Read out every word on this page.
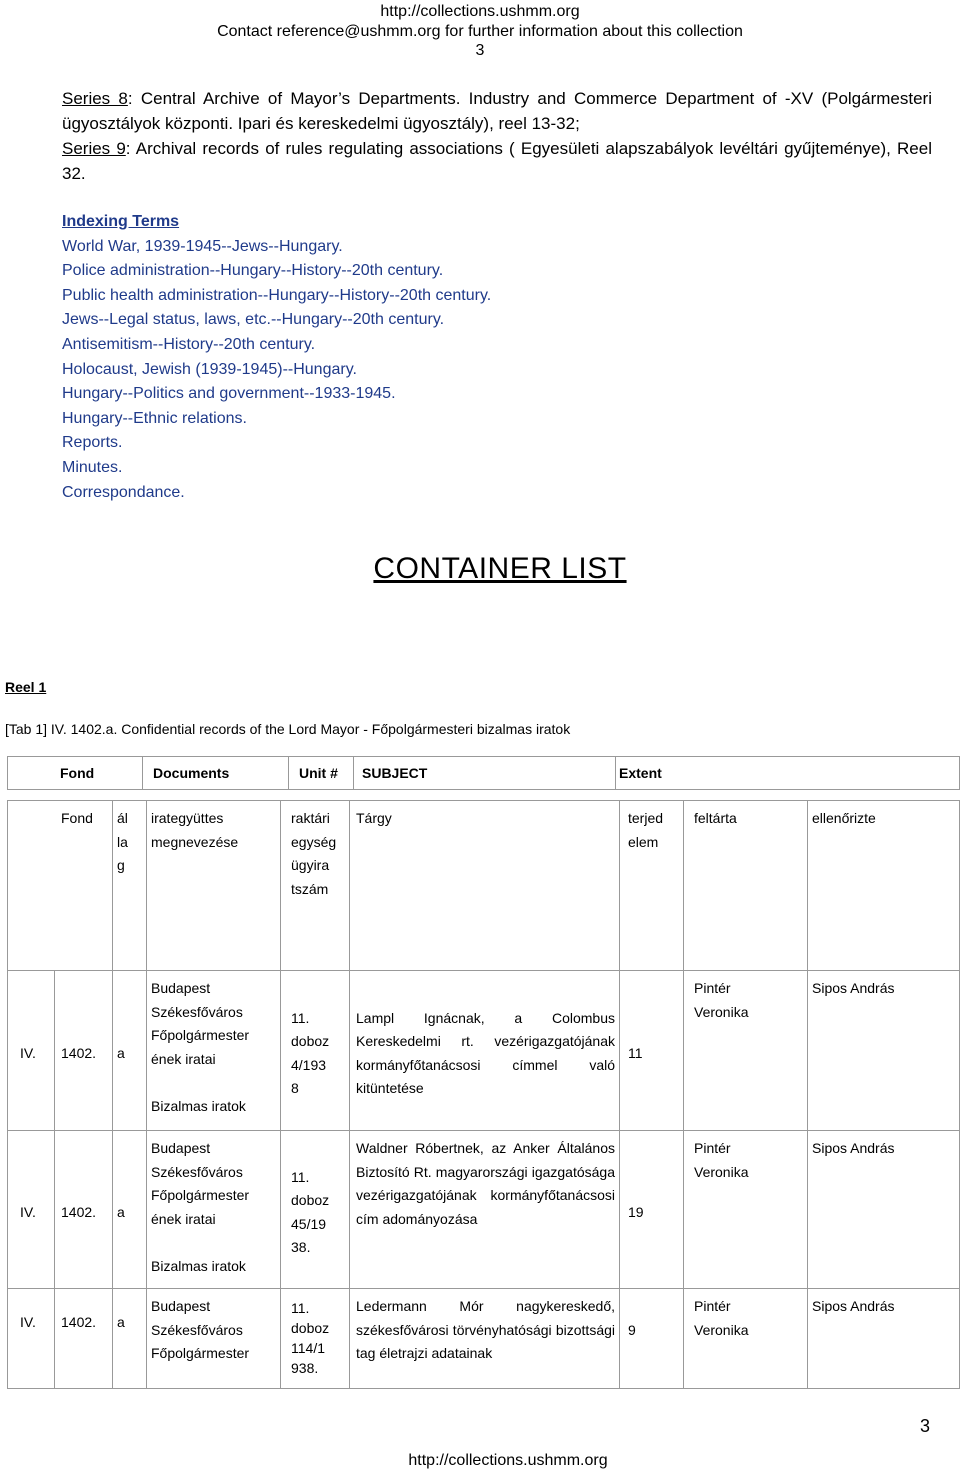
http://collections.ushmm.org
Contact reference@ushmm.org for further information about this collection
3

Series 8: Central Archive of Mayor’s Departments. Industry and Commerce Department of -XV (Polgármesteri ügyosztályok központi. Ipari és kereskedelmi ügyosztály), reel 13-32;

Series 9: Archival records of rules regulating associations ( Egyesületi alapszabályok levéltári gyűjteménye), Reel 32.

Indexing Terms
World War, 1939-1945--Jews--Hungary.
Police administration--Hungary--History--20th century.
Public health administration--Hungary--History--20th century.
Jews--Legal status, laws, etc.--Hungary--20th century.
Antisemitism--History--20th century.
Holocaust, Jewish (1939-1945)--Hungary.
Hungary--Politics and government--1933-1945.
Hungary--Ethnic relations.
Reports.
Minutes.
Correspondance.
CONTAINER LIST
Reel 1
[Tab 1] IV. 1402.a. Confidential records of the Lord Mayor - Főpolgármesteri bizalmas iratok
Fond	Documents	Unit #	SUBJECT	Extent
Fond		ál
la
g	irategyüttes
megnevezése	raktári
egység
ügyira
tszám	Tárgy	terjed
elem	feltárta	ellenőrizte

IV.	1402.	a	Budapest
Székesfőváros
Főpolgármester
ének iratai

Bizalmas iratok	11.
doboz
4/193
8	Lampl Ignácnak, a Colombus Kereskedelmi rt. vezérigazgatójának kormányfőtanácsosi címmel való kitüntetése	11	Pintér
Veronika	Sipos András

IV.	1402.	a	Budapest
Székesfőváros
Főpolgármester
ének iratai

Bizalmas iratok	11.
doboz
45/19
38.	Waldner Róbertnek, az Anker Általános Biztosító Rt. magyarországi igazgatósága vezérigazgatójának kormányfőtanácsosi cím adományozása	19	Pintér
Veronika	Sipos András

IV.	1402.	a	Budapest
Székesfőváros
Főpolgármester	11.
doboz
114/1
938.	Ledermann Mór nagykereskedő, székesfővárosi törvényhatósági bizottsági tag életrajzi adatainak	9	Pintér
Veronika	Sipos András
3
http://collections.ushmm.org
